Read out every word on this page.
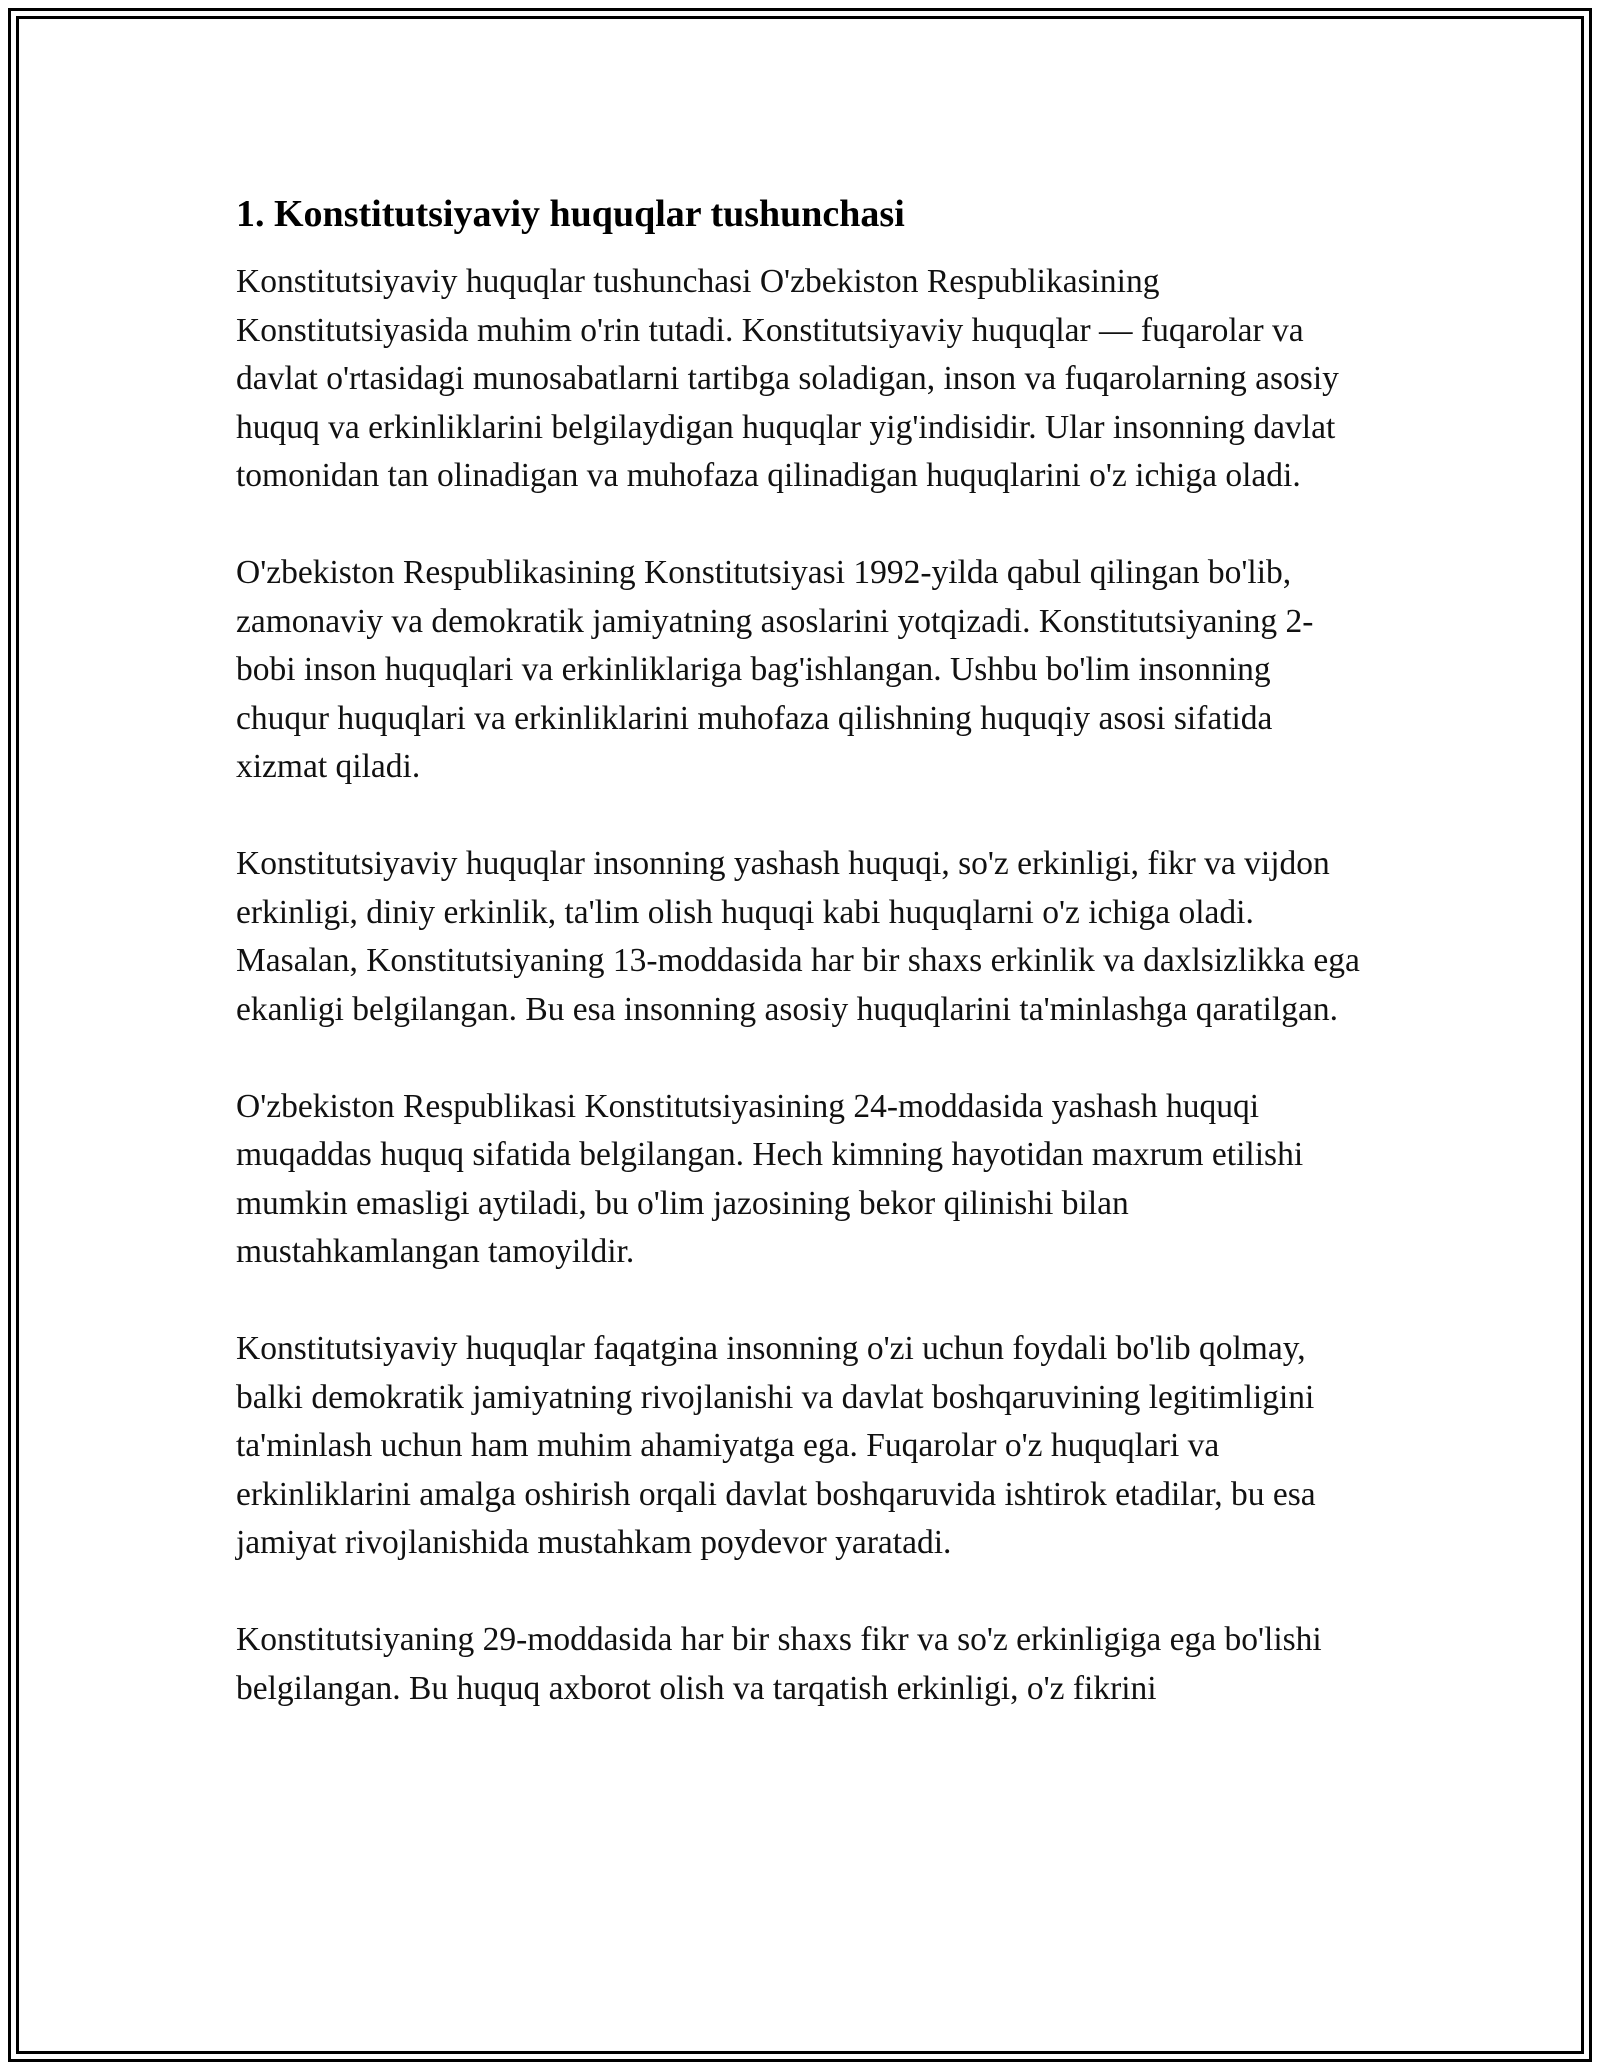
1. Konstitutsiyaviy huquqlar tushunchasi

Konstitutsiyaviy huquqlar tushunchasi O'zbekiston Respublikasining Konstitutsiyasida muhim o'rin tutadi. Konstitutsiyaviy huquqlar — fuqarolar va davlat o'rtasidagi munosabatlarni tartibga soladigan, inson va fuqarolarning asosiy huquq va erkinliklarini belgilaydigan huquqlar yig'indisidir. Ular insonning davlat tomonidan tan olinadigan va muhofaza qilinadigan huquqlarini o'z ichiga oladi.

O'zbekiston Respublikasining Konstitutsiyasi 1992-yilda qabul qilingan bo'lib, zamonaviy va demokratik jamiyatning asoslarini yotqizadi. Konstitutsiyaning 2-bobi inson huquqlari va erkinliklariga bag'ishlangan. Ushbu bo'lim insonning chuqur huquqlari va erkinliklarini muhofaza qilishning huquqiy asosi sifatida xizmat qiladi.

Konstitutsiyaviy huquqlar insonning yashash huquqi, so'z erkinligi, fikr va vijdon erkinligi, diniy erkinlik, ta'lim olish huquqi kabi huquqlarni o'z ichiga oladi. Masalan, Konstitutsiyaning 13-moddasida har bir shaxs erkinlik va daxlsizlikka ega ekanligi belgilangan. Bu esa insonning asosiy huquqlarini ta'minlashga qaratilgan.

O'zbekiston Respublikasi Konstitutsiyasining 24-moddasida yashash huquqi muqaddas huquq sifatida belgilangan. Hech kimning hayotidan maxrum etilishi mumkin emasligi aytiladi, bu o'lim jazosining bekor qilinishi bilan mustahkamlangan tamoyildir.

Konstitutsiyaviy huquqlar faqatgina insonning o'zi uchun foydali bo'lib qolmay, balki demokratik jamiyatning rivojlanishi va davlat boshqaruvining legitimligini ta'minlash uchun ham muhim ahamiyatga ega. Fuqarolar o'z huquqlari va erkinliklarini amalga oshirish orqali davlat boshqaruvida ishtirok etadilar, bu esa jamiyat rivojlanishida mustahkam poydevor yaratadi.

Konstitutsiyaning 29-moddasida har bir shaxs fikr va so'z erkinligiga ega bo'lishi belgilangan. Bu huquq axborot olish va tarqatish erkinligi, o'z fikrini
